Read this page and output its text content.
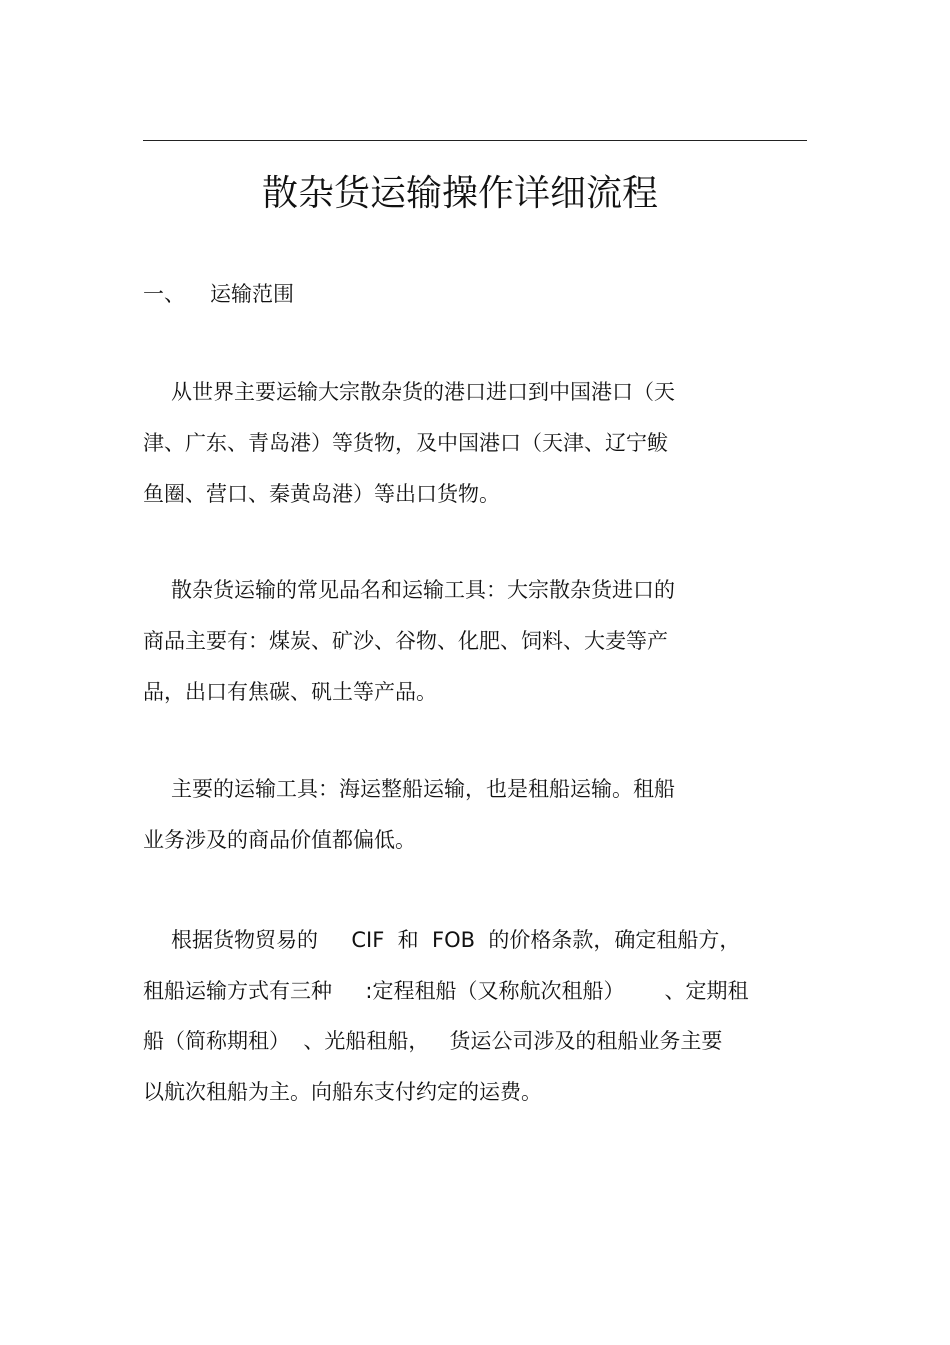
散杂货运输操作详细流程
一、 运输范围
从世界主要运输大宗散杂货的港口进口到中国港口（天
津、广东、青岛港）等货物，及中国港口（天津、辽宁鲅
鱼圈、营口、秦黄岛港）等出口货物。
散杂货运输的常见品名和运输工具：大宗散杂货进口的
商品主要有：煤炭、矿沙、谷物、化肥、饲料、大麦等产
品，出口有焦碳、矾土等产品。
主要的运输工具：海运整船运输，也是租船运输。租船
业务涉及的商品价值都偏低。
根据货物贸易的     CIF  和  FOB  的价格条款，确定租船方，
租船运输方式有三种     :定程租船（又称航次租船）      、定期租
船（简称期租）  、光船租船，   货运公司涉及的租船业务主要
以航次租船为主。向船东支付约定的运费。
